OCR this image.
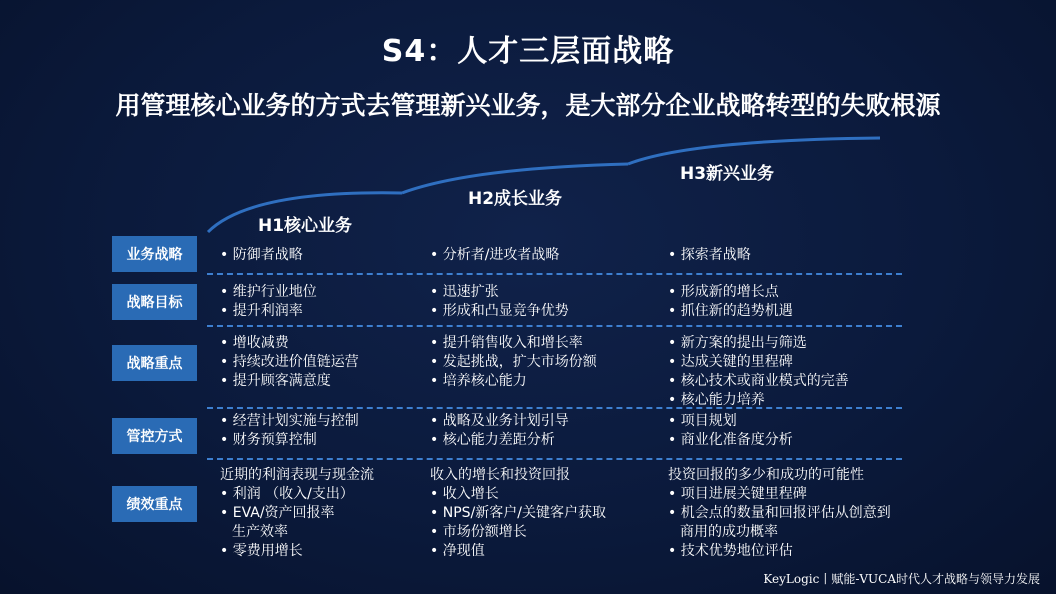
S4：人才三层面战略
用管理核心业务的方式去管理新兴业务，是大部分企业战略转型的失败根源
H1核心业务
H2成长业务
H3新兴业务
业务战略
战略目标
战略重点
管控方式
绩效重点
• 防御者战略	• 分析者/进攻者战略	• 探索者战略
• 维护行业地位
• 提升利润率
• 迅速扩张
• 形成和凸显竞争优势
• 形成新的增长点
• 抓住新的趋势机遇
• 增收减费
• 持续改进价值链运营
• 提升顾客满意度
• 提升销售收入和增长率
• 发起挑战，扩大市场份额
• 培养核心能力
• 新方案的提出与筛选
• 达成关键的里程碑
• 核心技术或商业模式的完善
• 核心能力培养
• 经营计划实施与控制
• 财务预算控制
• 战略及业务计划引导
• 核心能力差距分析
• 项目规划
• 商业化准备度分析
近期的利润表现与现金流
• 利润 （收入/支出）
• EVA/资产回报率
生产效率
• 零费用增长
收入的增长和投资回报
• 收入增长
• NPS/新客户/关键客户获取
• 市场份额增长
• 净现值
投资回报的多少和成功的可能性
• 项目进展关键里程碑
• 机会点的数量和回报评估从创意到
商用的成功概率
• 技术优势地位评估
KeyLogic丨赋能-VUCA时代人才战略与领导力发展
